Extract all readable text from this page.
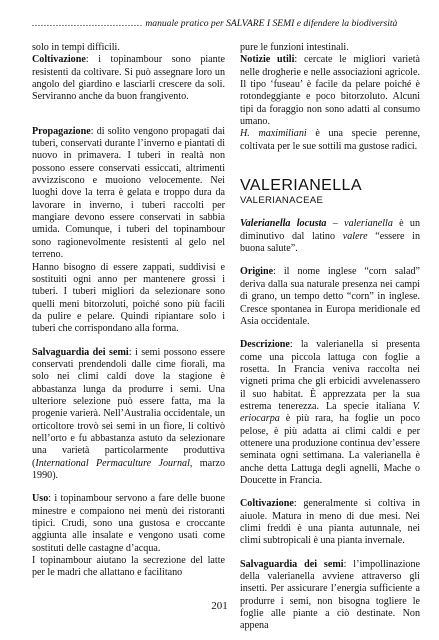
..................................... manuale pratico per SALVARE I SEMI e difendere la biodiversità

solo in tempi difficili.

Coltivazione: i topinambour sono piante resistenti da coltivare. Si può assegnare loro un angolo del giardino e lasciarli crescere da soli. Serviranno anche da buon frangivento.

Propagazione: di solito vengono propagati dai tuberi, conservati durante l’inverno e piantati di nuovo in primavera. I tuberi in realtà non possono essere conservati essiccati, altrimenti avvizziscono e muoiono velocemente. Nei luoghi dove la terra è gelata e troppo dura da lavorare in inverno, i tuberi raccolti per mangiare devono essere conservati in sabbia umida. Comunque, i tuberi del topinambour sono ragionevolmente resistenti al gelo nel terreno.

Hanno bisogno di essere zappati, suddivisi e sostituiti ogni anno per mantenere grossi i tuberi. I tuberi migliori da selezionare sono quelli meni bitorzoluti, poiché sono più facili da pulire e pelare. Quindi ripiantare solo i tuberi che corrispondano alla forma.

Salvaguardia dei semi: i semi possono essere conservati prendendoli dalle cime fiorali, ma solo nei climi caldi dove la stagione è abbastanza lunga da produrre i semi. Una ulteriore selezione può essere fatta, ma la progenie varierà. Nell’Australia occidentale, un orticoltore trovò sei semi in un fiore, li coltivò nell’orto e fu abbastanza astuto da selezionare una varietà particolarmente produttiva (International Permaculture Journal, marzo 1990).

Uso: i topinambour servono a fare delle buone minestre e compaiono nei menù dei ristoranti tipici. Crudi, sono una gustosa e croccante aggiunta alle insalate e vengono usati come sostituti delle castagne d’acqua.

I topinambour aiutano la secrezione del latte per le madri che allattano e facilitano

pure le funzioni intestinali.

Notizie utili: cercate le migliori varietà nelle drogherie e nelle associazioni agricole. Il tipo ‘fuseau’ è facile da pelare poiché è rotondeggiante e poco bitorzoluto. Alcuni tipi da foraggio non sono adatti al consumo umano.

H. maximiliani è una specie perenne, coltivata per le sue sottili ma gustose radici.

VALERIANELLA

VALERIANACEAE

Valerianella locusta – valerianella è un diminutivo dal latino valere “essere in buona salute”.

Origine: il nome inglese “corn salad” deriva dalla sua naturale presenza nei campi di grano, un tempo detto “corn” in inglese. Cresce spontanea in Europa meridionale ed Asia occidentale.

Descrizione: la valerianella si presenta come una piccola lattuga con foglie a rosetta. In Francia veniva raccolta nei vigneti prima che gli erbicidi avvelenassero il suo habitat. È apprezzata per la sua estrema tenerezza. La specie italiana V. eriocarpa è più rara, ha foglie un poco pelose, è più adatta ai climi caldi e per ottenere una produzione continua dev’essere seminata ogni settimana. La valerianella è anche detta Lattuga degli agnelli, Mache o Doucette in Francia.

Coltivazione: generalmente si coltiva in aiuole. Matura in meno di due mesi. Nei climi freddi è una pianta autunnale, nei climi subtropicali è una pianta invernale.

Salvaguardia dei semi: l’impollinazione della valerianella avviene attraverso gli insetti. Per assicurare l’energia sufficiente a produrre i semi, non bisogna togliere le foglie alle piante a ciò destinate. Non appena

201
